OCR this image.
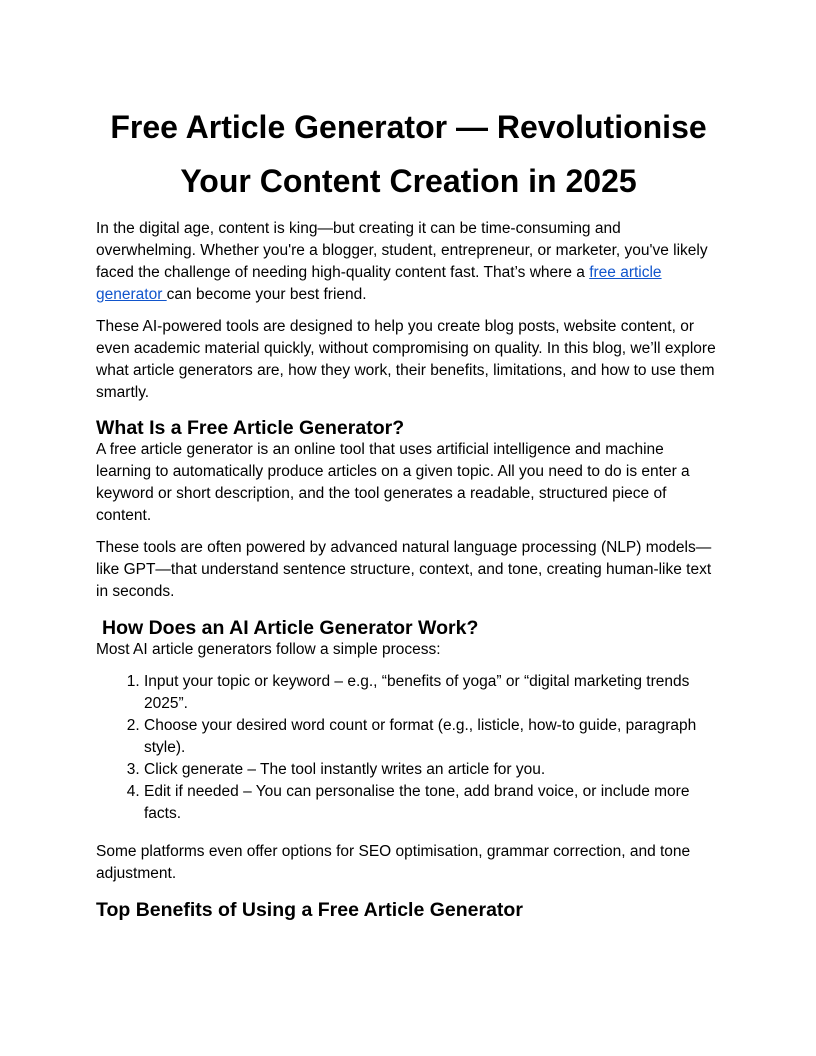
Free Article Generator — Revolutionise Your Content Creation in 2025

In the digital age, content is king—but creating it can be time-consuming and overwhelming. Whether you're a blogger, student, entrepreneur, or marketer, you've likely faced the challenge of needing high-quality content fast. That’s where a free article generator can become your best friend.

These AI-powered tools are designed to help you create blog posts, website content, or even academic material quickly, without compromising on quality. In this blog, we’ll explore what article generators are, how they work, their benefits, limitations, and how to use them smartly.

What Is a Free Article Generator?

A free article generator is an online tool that uses artificial intelligence and machine learning to automatically produce articles on a given topic. All you need to do is enter a keyword or short description, and the tool generates a readable, structured piece of content.

These tools are often powered by advanced natural language processing (NLP) models—like GPT—that understand sentence structure, context, and tone, creating human-like text in seconds.

How Does an AI Article Generator Work?

Most AI article generators follow a simple process:

1. Input your topic or keyword – e.g., “benefits of yoga” or “digital marketing trends 2025”.
2. Choose your desired word count or format (e.g., listicle, how-to guide, paragraph style).
3. Click generate – The tool instantly writes an article for you.
4. Edit if needed – You can personalise the tone, add brand voice, or include more facts.

Some platforms even offer options for SEO optimisation, grammar correction, and tone adjustment.

Top Benefits of Using a Free Article Generator
